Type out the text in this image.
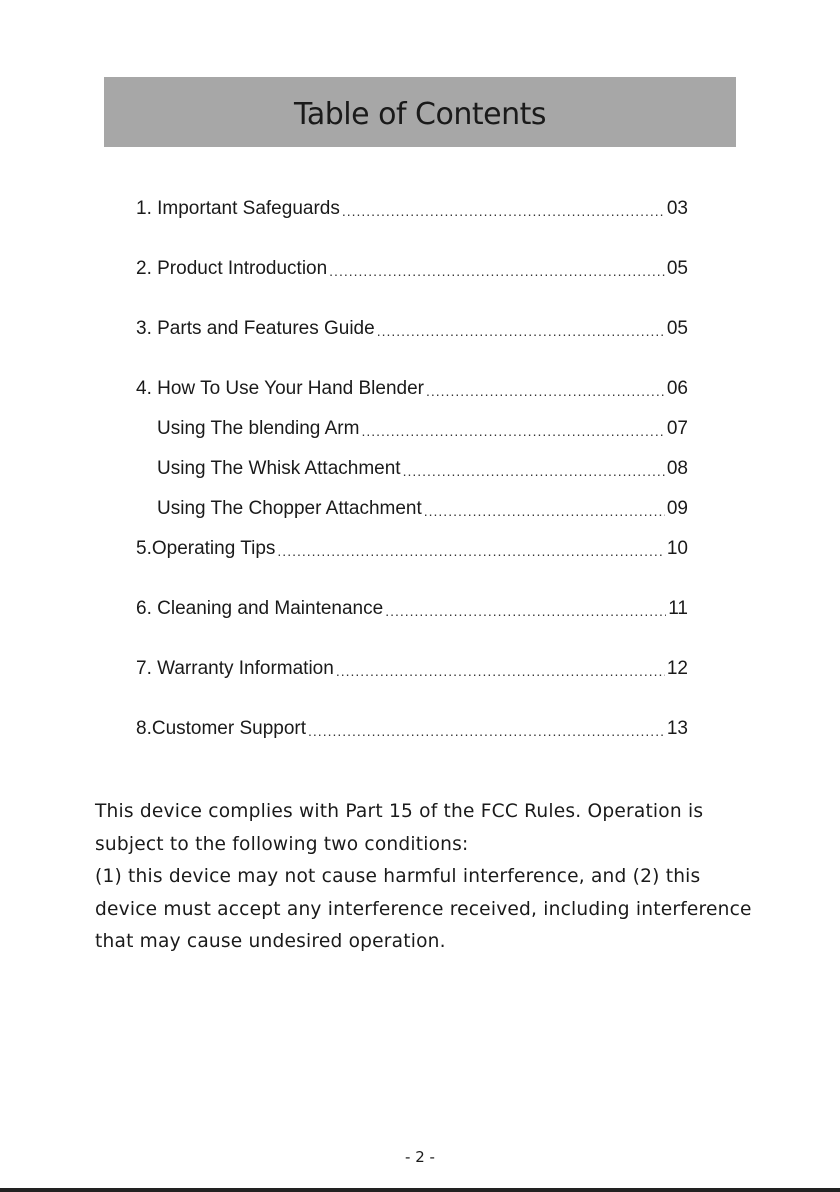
Table of Contents
1. Important Safeguards .....	03
2. Product Introduction .....	05
3. Parts and Features Guide .....	05
4. How To Use Your Hand Blender .....	06
Using The blending Arm .....	07
Using The Whisk Attachment .....	08
Using The Chopper Attachment .....	09
5.Operating Tips .....	10
6. Cleaning and Maintenance .....	11
7. Warranty Information .....	12
8.Customer Support .....	13
This device complies with Part 15 of the FCC Rules. Operation is
subject to the following two conditions:
(1) this device may not cause harmful interference, and (2) this
device must accept any interference received, including interference
that may cause undesired operation.
- 2 -
